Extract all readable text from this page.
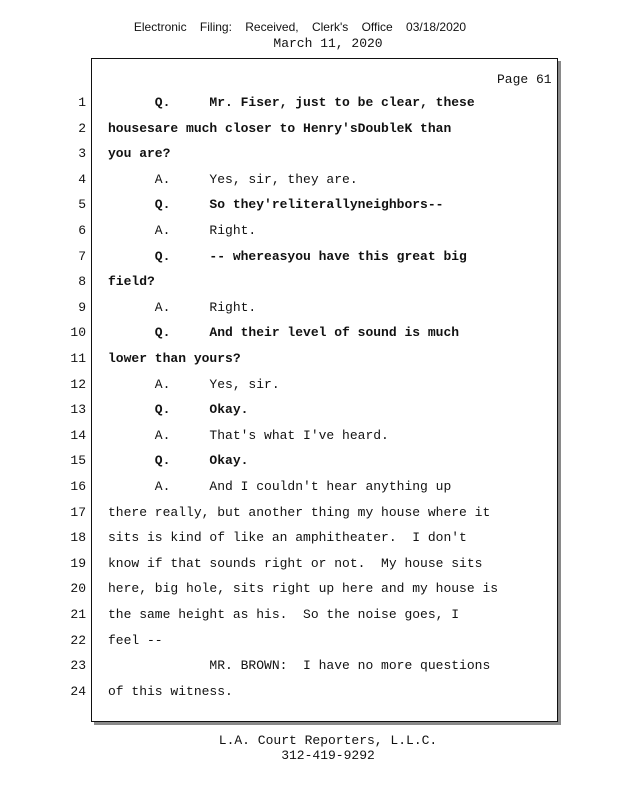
Electronic Filing: Received, Clerk's Office 03/18/2020
March 11, 2020
Page 61
1 Q.     Mr. Fiser, just to be clear, these
2 housesare much closer to Henry'sDoubleK than
3 you are?
4 A.     Yes, sir, they are.
5 Q.     So they'reliterallyneighbors--
6 A.     Right.
7 Q.     -- whereasyou have this great big
8 field?
9 A.     Right.
10 Q.     And their level of sound is much
11 lower than yours?
12 A.     Yes, sir.
13 Q.     Okay.
14 A.     That's what I've heard.
15 Q.     Okay.
16 A.     And I couldn't hear anything up
17 there really, but another thing my house where it
18 sits is kind of like an amphitheater.  I don't
19 know if that sounds right or not.  My house sits
20 here, big hole, sits right up here and my house is
21 the same height as his.  So the noise goes, I
22 feel --
23 MR. BROWN:  I have no more questions
24 of this witness.
L.A. Court Reporters, L.L.C.
312-419-9292
